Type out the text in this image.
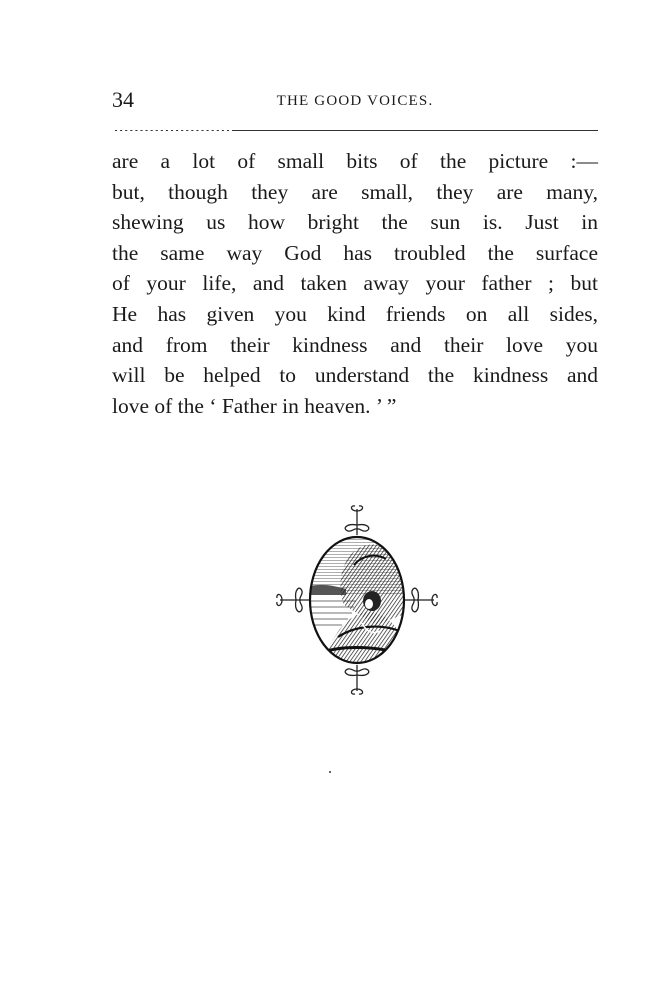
34	THE GOOD VOICES.
are a lot of small bits of the picture :—
but, though they are small, they are many,
shewing us how bright the sun is. Just in
the same way God has troubled the surface
of your life, and taken away your father ; but
He has given you kind friends on all sides,
and from their kindness and their love you
will be helped to understand the kindness and
love of the ‘ Father in heaven. ’ ”
